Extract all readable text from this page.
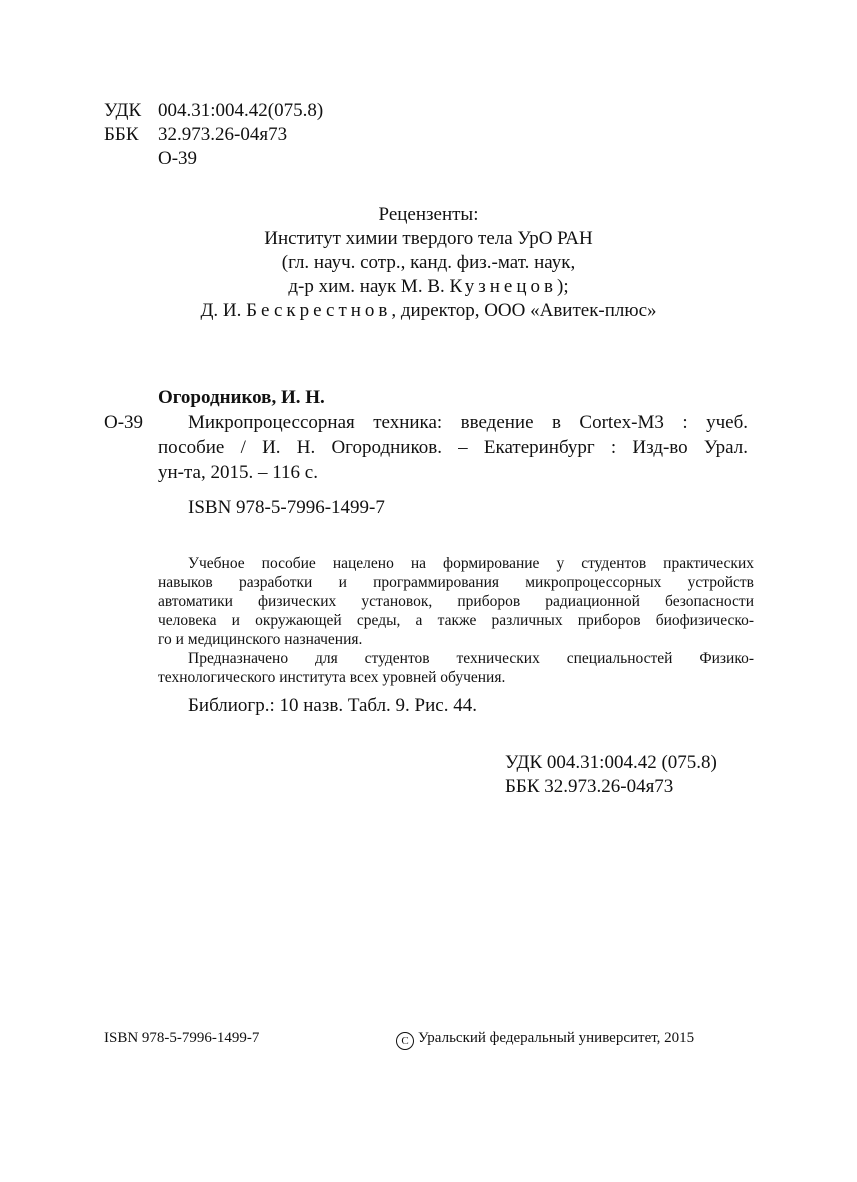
УДК 004.31:004.42(075.8)
ББК 32.973.26-04я73
О-39
Рецензенты:
Институт химии твердого тела УрО РАН
(гл. науч. сотр., канд. физ.-мат. наук,
д-р хим. наук М. В. Кузнецов);
Д. И. Бескрестнов, директор, ООО «Авитек-плюс»
Огородников, И. Н.
О-39 Микропроцессорная техника: введение в Cortex-M3 : учеб.
пособие / И. Н. Огородников. – Екатеринбург : Изд-во Урал.
ун-та, 2015. – 116 с.
ISBN 978-5-7996-1499-7
Учебное пособие нацелено на формирование у студентов практических
навыков разработки и программирования микропроцессорных устройств
автоматики физических установок, приборов радиационной безопасности
человека и окружающей среды, а также различных приборов биофизическо-
го и медицинского назначения.
Предназначено для студентов технических специальностей Физико-
технологического института всех уровней обучения.
Библиогр.: 10 назв. Табл. 9. Рис. 44.
УДК 004.31:004.42 (075.8)
ББК 32.973.26-04я73
ISBN 978-5-7996-1499-7	C Уральский федеральный университет, 2015
